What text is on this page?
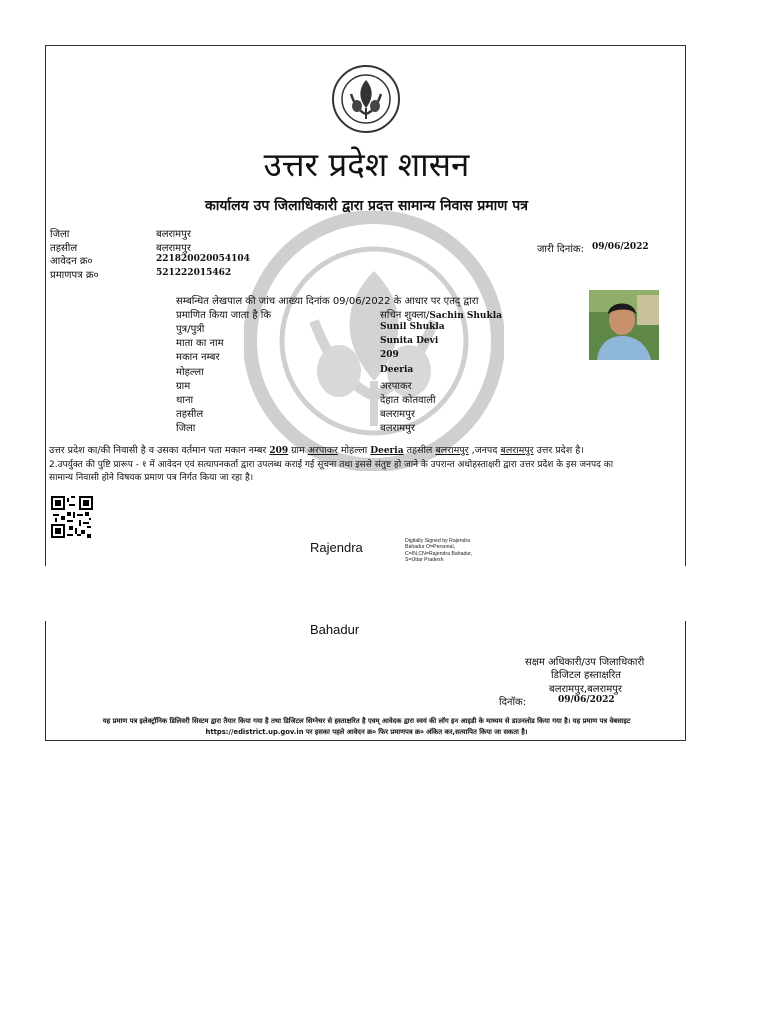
उत्तर प्रदेश शासन
कार्यालय उप जिलाधिकारी द्वारा प्रदत्त सामान्य निवास प्रमाण पत्र
जिला	बलरामपुर
तहसील	बलरामपुर
आवेदन क्र०	221820020054104
प्रमाणपत्र क्र०	521222015462
जारी दिनांक: 09/06/2022
सम्बन्धित लेखपाल की जांच आख्या दिनांक 09/06/2022 के आधार पर एतद् द्वारा
प्रमाणित किया जाता है कि	सचिन शुक्ला/Sachin Shukla
पुत्र/पुत्री	Sunil Shukla
माता का नाम	Sunita Devi
मकान नम्बर	209
मोहल्ला	Deeria
ग्राम	अरपाकर
थाना	देहात कोतवाली
तहसील	बलरामपुर
जिला	बलरामपुर
उत्तर प्रदेश का/की निवासी है व उसका वर्तमान पता मकान नम्बर 209 ग्राम अरपाकर मोहल्ला Deeria तहसील बलरामपुर ,जनपद बलरामपुर उत्तर प्रदेश है।
2.उपर्युक्त की पुष्टि प्रारूप - १ में आवेदन एवं सत्यापनकर्ता द्वारा उपलब्ध कराई गई सूचना तथा इससे संतुष्ट हो जाने के उपरान्त अधोहस्ताक्षरी द्वारा उत्तर प्रदेश के इस जनपद का
सामान्य निवासी होने विषयक प्रमाण पत्र निर्गत किया जा रहा है।
Rajendra	Digitally Signed by Rajendra
Bahadur O=Personal,
C=IN,CN=Rajendra Bahadur,
S=Uttar Pradesh
Bahadur
सक्षम अधिकारी/उप जिलाधिकारी
डिजिटल हस्ताक्षरित
बलरामपुर,बलरामपुर
दिनॉक:	09/06/2022
यह प्रमाण पत्र इलेक्ट्रॉनिक डिलिवरी सिस्टम द्वारा तैयार किया गया है तथा डिजिटल सिग्नेचर से हस्ताक्षरित है एवम् आवेदक द्वारा स्वयं की लॉग इन आइडी के माध्यम से डाउनलोड किया गया है। यह प्रमाण पत्र वेबसाइट
https://edistrict.up.gov.in पर इसका पहले आवेदन क्र० फिर प्रमाणपत्र क्र० अंकित कर,सत्यापित किया जा सकता है।
